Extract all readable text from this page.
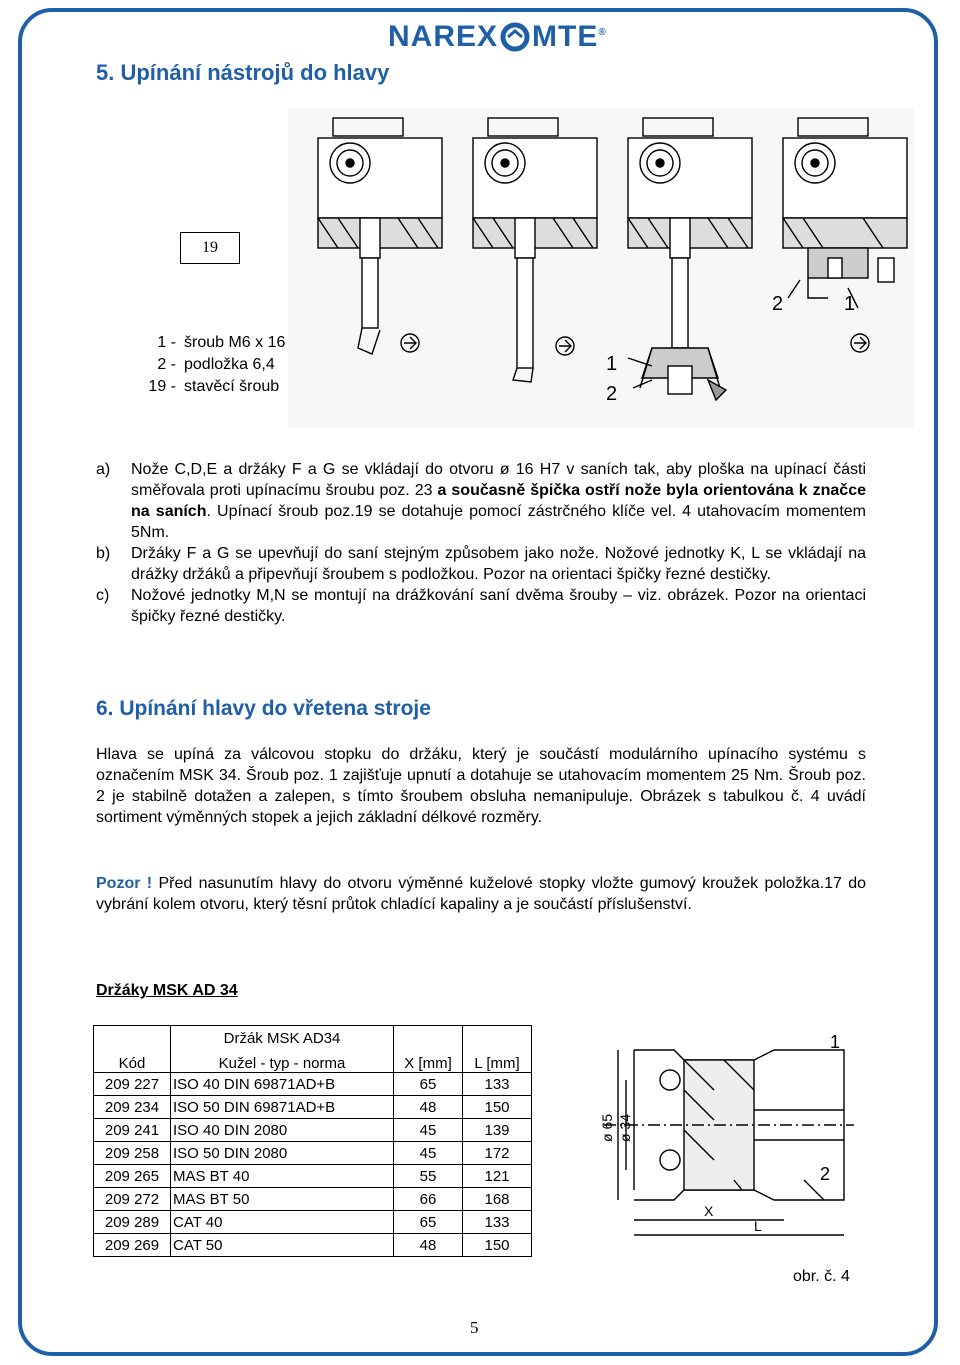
NAREX MTE®
5. Upínání nástrojů do hlavy
19
1 - šroub M6 x 16
2 - podložka 6,4
19 - stavěcí šroub
1
2
2	1
a)	Nože C,D,E a držáky F a G se vkládají do otvoru ø 16 H7 v saních tak, aby ploška na upínací části směřovala proti upínacímu šroubu poz. 23 a současně špička ostří nože byla orientována k značce na saních. Upínací šroub poz.19 se dotahuje pomocí zástrčného klíče vel. 4 utahovacím momentem 5Nm.
b)	Držáky F a G se upevňují do saní stejným způsobem jako nože. Nožové jednotky K, L se vkládají na drážky držáků a připevňují šroubem s podložkou. Pozor na orientaci špičky řezné destičky.
c)	Nožové jednotky M,N se montují na drážkování saní dvěma šrouby – viz. obrázek. Pozor na orientaci špičky řezné destičky.
6. Upínání hlavy do vřetena stroje
Hlava se upíná za válcovou stopku do držáku, který je součástí modulárního upínacího systému s označením MSK 34. Šroub poz. 1 zajišťuje upnutí a dotahuje se utahovacím momentem 25 Nm. Šroub poz. 2 je stabilně dotažen a zalepen, s tímto šroubem obsluha nemanipuluje. Obrázek s tabulkou č. 4 uvádí sortiment výměnných stopek a jejich základní délkové rozměry.
Pozor ! Před nasunutím hlavy do otvoru výměnné kuželové stopky vložte gumový kroužek položka.17 do vybrání kolem otvoru, který těsní průtok chladící kapaliny a je součástí příslušenství.
Držáky MSK AD 34
	Držák MSK AD34		
Kód	Kužel - typ - norma	X [mm]	L [mm]
209 227	ISO 40 DIN 69871AD+B	65	133
209 234	ISO 50 DIN 69871AD+B	48	150
209 241	ISO 40 DIN 2080	45	139
209 258	ISO 50 DIN 2080	45	172
209 265	MAS BT 40	55	121
209 272	MAS BT 50	66	168
209 289	CAT 40	65	133
209 269	CAT 50	48	150
ø 65 ø 34
X
L
1
2
obr. č. 4
5
